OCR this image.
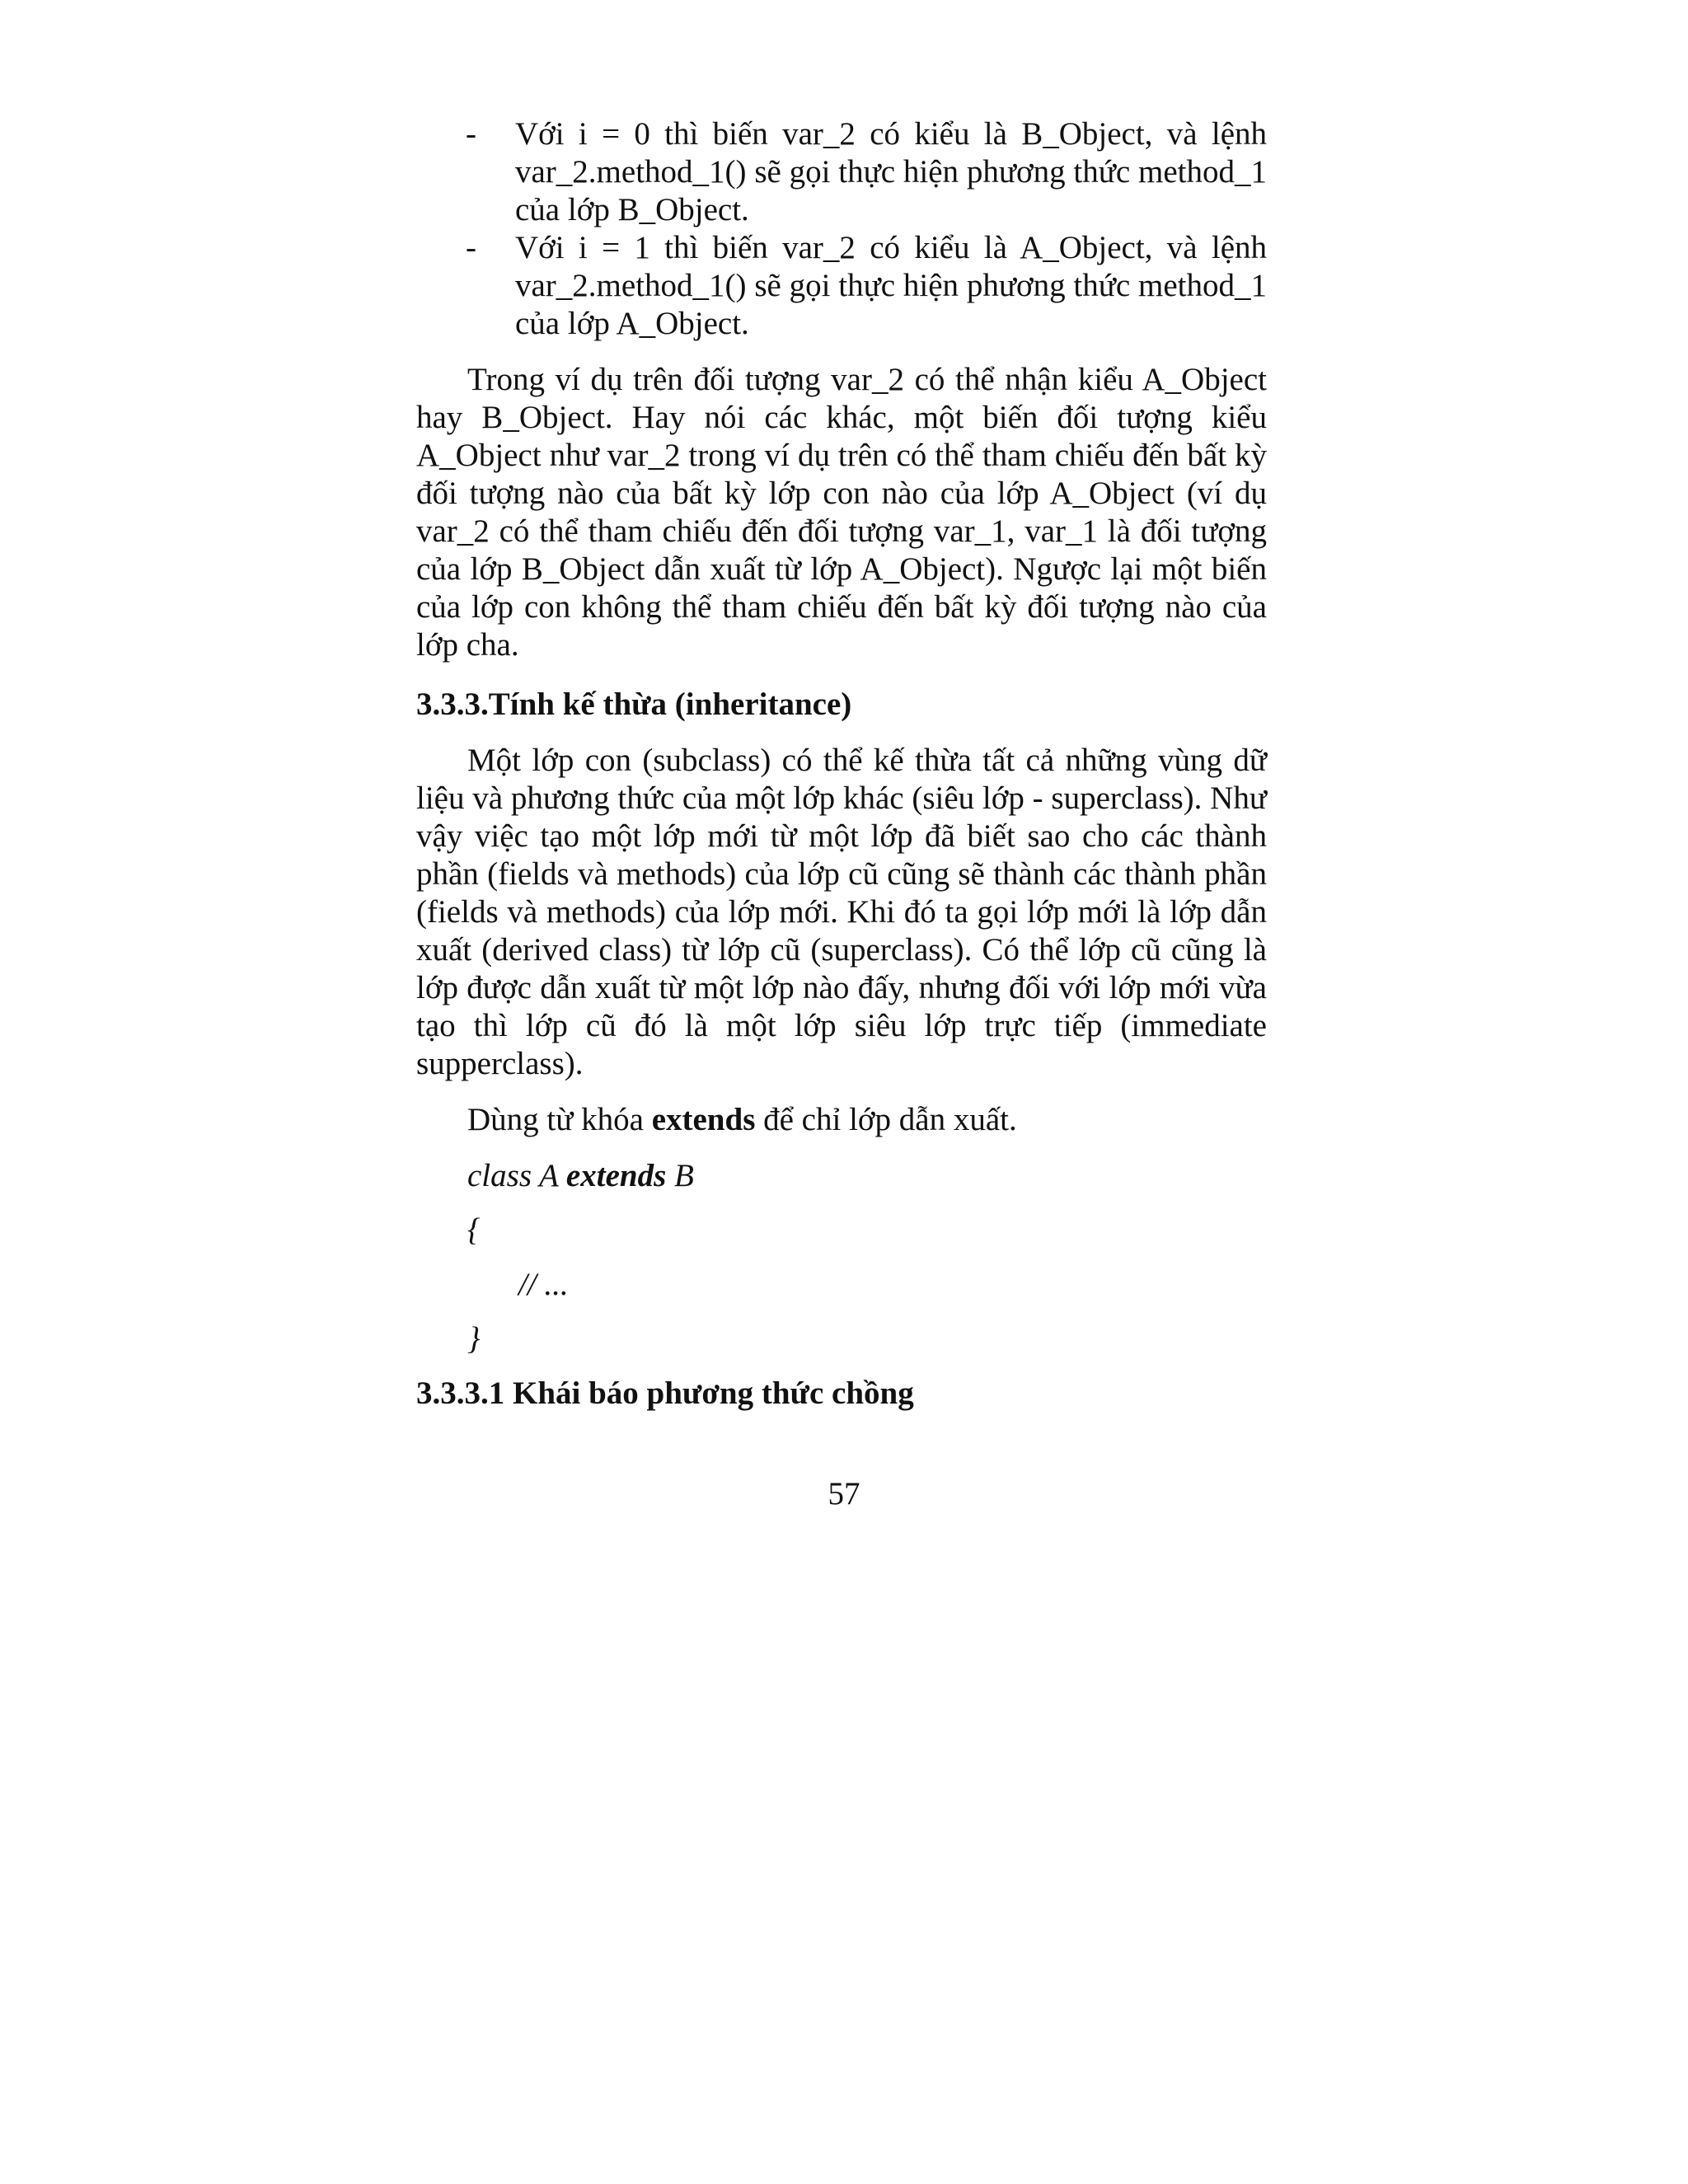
- Với i = 0 thì biến var_2 có kiểu là B_Object, và lệnh var_2.method_1() sẽ gọi thực hiện phương thức method_1 của lớp B_Object.
- Với i = 1 thì biến var_2 có kiểu là A_Object, và lệnh var_2.method_1() sẽ gọi thực hiện phương thức method_1 của lớp A_Object.

Trong ví dụ trên đối tượng var_2 có thể nhận kiểu A_Object hay B_Object. Hay nói các khác, một biến đối tượng kiểu A_Object như var_2 trong ví dụ trên có thể tham chiếu đến bất kỳ đối tượng nào của bất kỳ lớp con nào của lớp A_Object (ví dụ var_2 có thể tham chiếu đến đối tượng var_1, var_1 là đối tượng của lớp B_Object dẫn xuất từ lớp A_Object). Ngược lại một biến của lớp con không thể tham chiếu đến bất kỳ đối tượng nào của lớp cha.

3.3.3.Tính kế thừa (inheritance)

Một lớp con (subclass) có thể kế thừa tất cả những vùng dữ liệu và phương thức của một lớp khác (siêu lớp - superclass). Như vậy việc tạo một lớp mới từ một lớp đã biết sao cho các thành phần (fields và methods) của lớp cũ cũng sẽ thành các thành phần (fields và methods) của lớp mới. Khi đó ta gọi lớp mới là lớp dẫn xuất (derived class) từ lớp cũ (superclass). Có thể lớp cũ cũng là lớp được dẫn xuất từ một lớp nào đấy, nhưng đối với lớp mới vừa tạo thì lớp cũ đó là một lớp siêu lớp trực tiếp (immediate supperclass).

Dùng từ khóa extends để chỉ lớp dẫn xuất.

class A extends B
{
// ...
}
3.3.3.1 Khái báo phương thức chồng
57
